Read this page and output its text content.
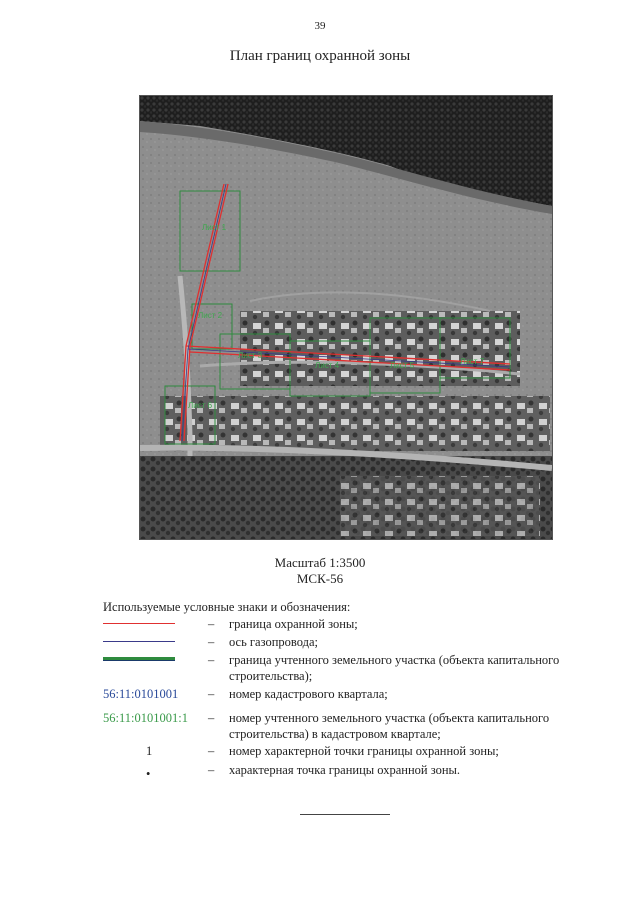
39
План границ охранной зоны
Лист 1
Лист 2
Лист 3
Лист 4	Лист 5
Лист 6
Лист 7
Масштаб 1:3500
МСК-56
Используемые условные знаки и обозначения:
– граница охранной зоны;
– ось газопровода;
– граница учтенного земельного участка (объекта капитального строительства);
56:11:0101001 – номер кадастрового квартала;
56:11:0101001:1 – номер учтенного земельного участка (объекта капитального строительства) в кадастровом квартале;
1	– номер характерной точки границы охранной зоны;
•	– характерная точка границы охранной зоны.
